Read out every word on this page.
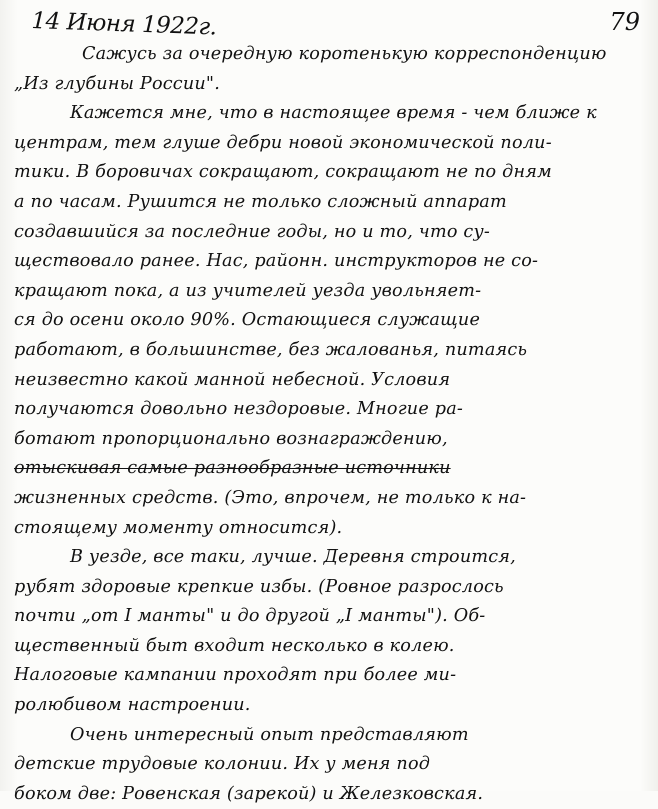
14 Июня 1922г.	79
Сажусь за очередную коротенькую корреспонденцию
„Из глубины России".
Кажется мне, что в настоящее время - чем ближе к
центрам, тем глуше дебри новой экономической поли-
тики. В боровичах сокращают, сокращают не по дням
а по часам. Рушится не только сложный аппарат
создавшийся за последние годы, но и то, что су-
ществовало ранее. Нас, районн. инструкторов не со-
кращают пока, а из учителей уезда увольняет-
ся до осени около 90%. Остающиеся служащие
работают, в большинстве, без жалованья, питаясь
неизвестно какой манной небесной. Условия
получаются довольно нездоровые. Многие ра-
ботают пропорционально вознаграждению,
отыскивая самые разнообразные источники
жизненных средств. (Это, впрочем, не только к на-
стоящему моменту относится).
В уезде, все таки, лучше. Деревня строится,
рубят здоровые крепкие избы. (Ровное разрослось
почти „от I манты" и до другой „I манты"). Об-
щественный быт входит несколько в колею.
Налоговые кампании проходят при более ми-
ролюбивом настроении.
Очень интересный опыт представляют
детские трудовые колонии. Их у меня под
боком две: Ровенская (зарекой) и Железковская.
